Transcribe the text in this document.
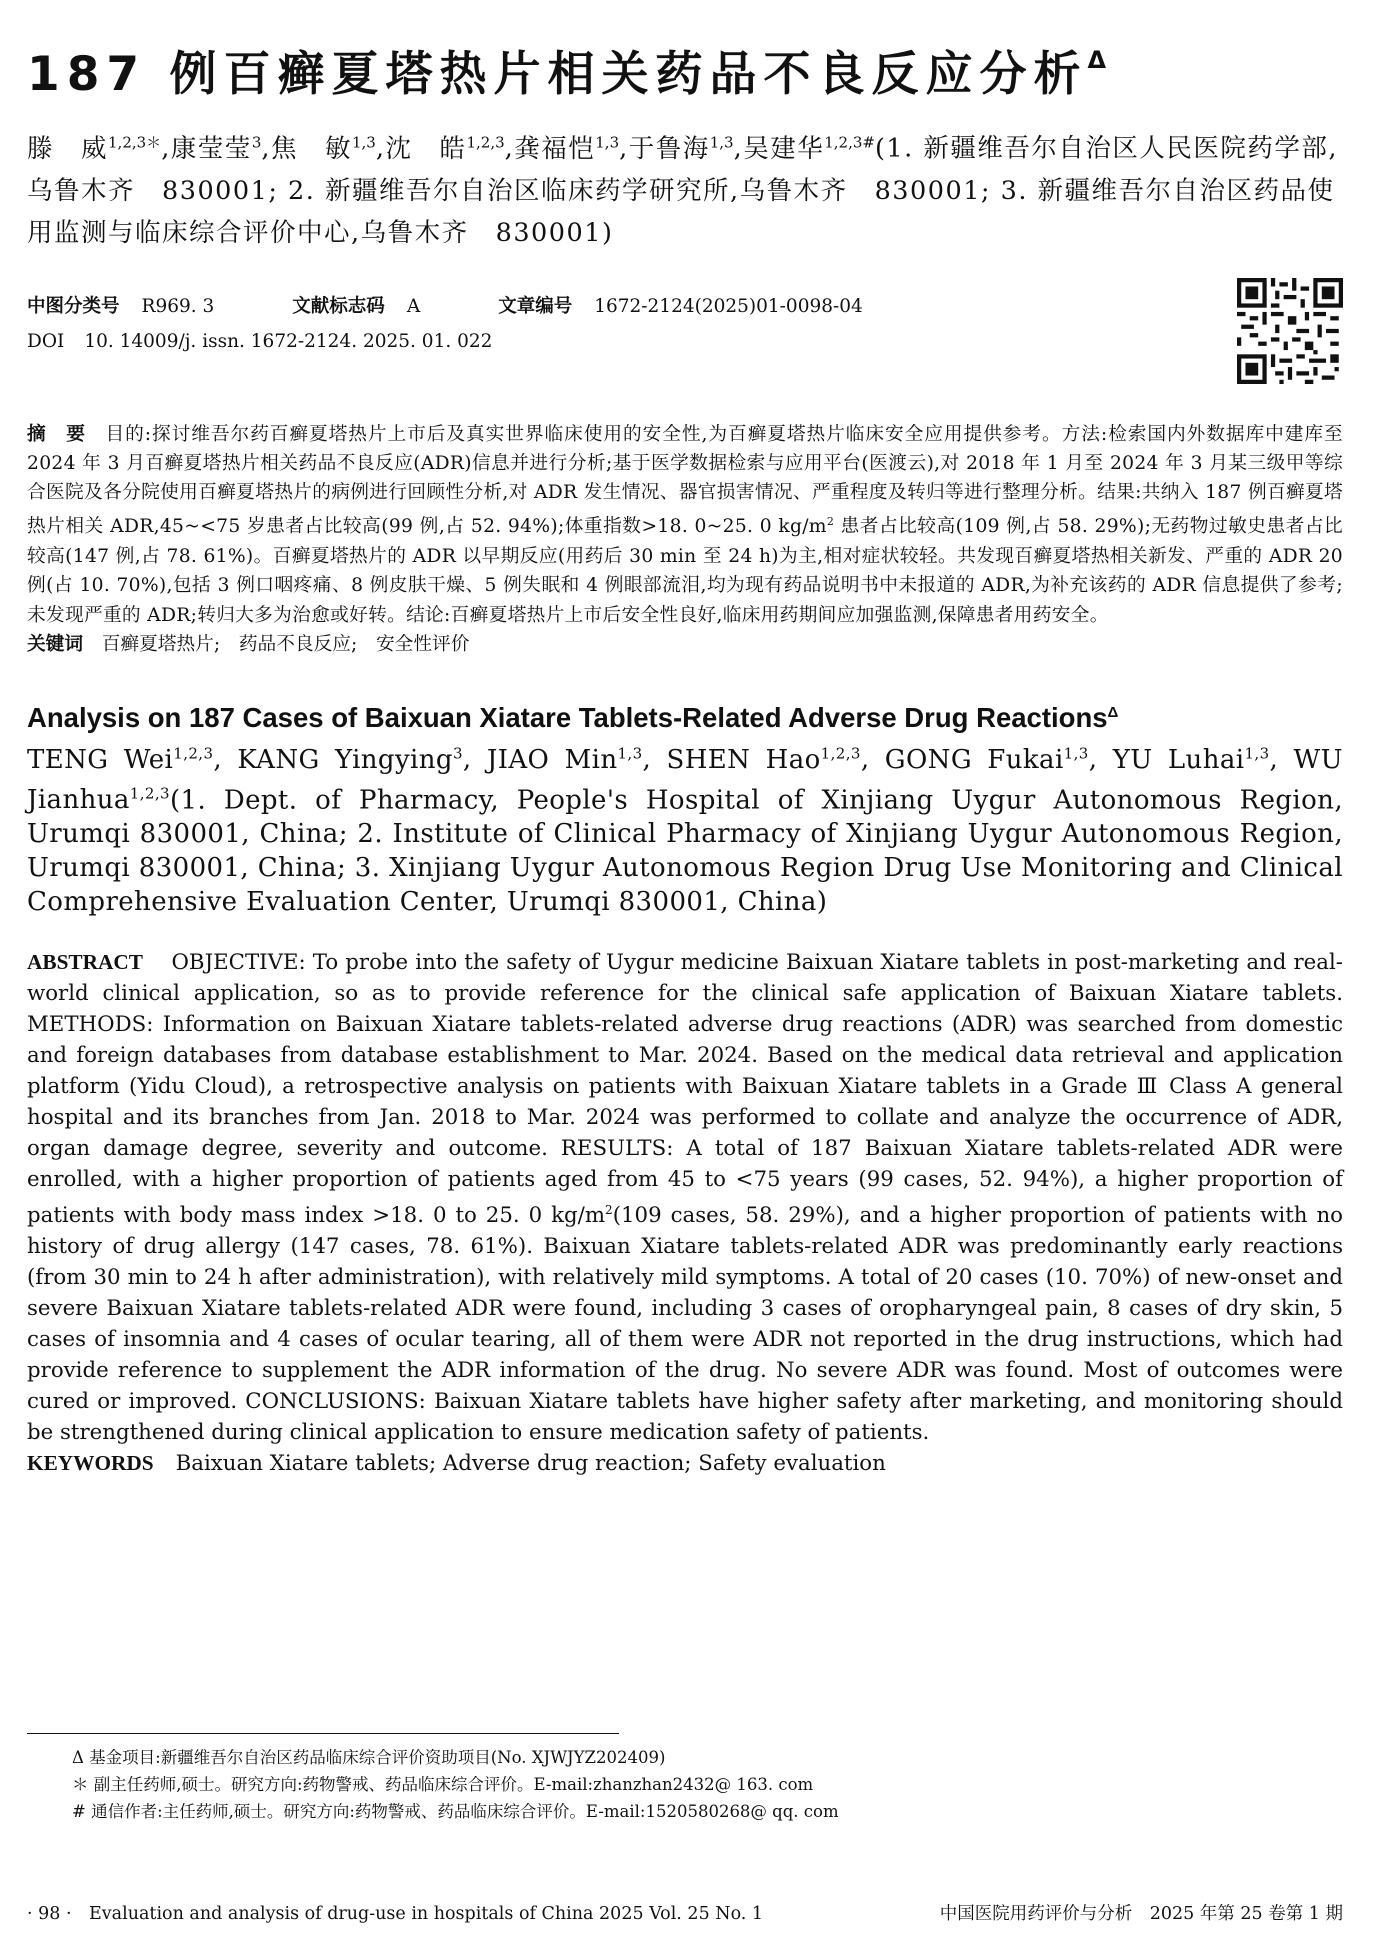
187 例百癣夏塔热片相关药品不良反应分析$^\Delta$
滕　威$^{1,2,3*}$,康莹莹$^3$,焦　敏$^{1,3}$,沈　皓$^{1,2,3}$,龚福恺$^{1,3}$,于鲁海$^{1,3}$,吴建华$^{1,2,3\#}$(1. 新疆维吾尔自治区人民医院药学部,乌鲁木齐　830001; 2. 新疆维吾尔自治区临床药学研究所,乌鲁木齐　830001; 3. 新疆维吾尔自治区药品使用监测与临床综合评价中心,乌鲁木齐　830001)
中图分类号 R969. 3	文献标志码 A	文章编号 1672-2124(2025)01-0098-04
DOI 10. 14009/j. issn. 1672-2124. 2025. 01. 022
摘　要　 目的:探讨维吾尔药百癣夏塔热片上市后及真实世界临床使用的安全性,为百癣夏塔热片临床安全应用提供参考。方法:检索国内外数据库中建库至 2024 年 3 月百癣夏塔热片相关药品不良反应(ADR)信息并进行分析;基于医学数据检索与应用平台(医渡云),对 2018 年 1 月至 2024 年 3 月某三级甲等综合医院及各分院使用百癣夏塔热片的病例进行回顾性分析,对 ADR 发生情况、器官损害情况、严重程度及转归等进行整理分析。结果:共纳入 187 例百癣夏塔热片相关 ADR,45~<75 岁患者占比较高(99 例,占 52. 94%);体重指数>18. 0~25. 0 $kg/m^2$ 患者占比较高(109 例,占 58. 29%);无药物过敏史患者占比较高(147 例,占 78. 61%)。百癣夏塔热片的 ADR 以早期反应(用药后 30 min 至 24 h)为主,相对症状较轻。共发现百癣夏塔热相关新发、严重的 ADR 20 例(占 10. 70%),包括 3 例口咽疼痛、8 例皮肤干燥、5 例失眠和 4 例眼部流泪,均为现有药品说明书中未报道的 ADR,为补充该药的 ADR 信息提供了参考;未发现严重的 ADR;转归大多为治愈或好转。结论:百癣夏塔热片上市后安全性良好,临床用药期间应加强监测,保障患者用药安全。
关键词　 百癣夏塔热片;　药品不良反应;　安全性评价
Analysis on 187 Cases of Baixuan Xiatare Tablets-Related Adverse Drug Reactions$^\Delta$
TENG Wei$^{1,2,3}$, KANG Yingying$^3$, JIAO Min$^{1,3}$, SHEN Hao$^{1,2,3}$, GONG Fukai$^{1,3}$, YU Luhai$^{1,3}$, WU Jianhua$^{1,2,3}$(1. Dept. of Pharmacy, People's Hospital of Xinjiang Uygur Autonomous Region, Urumqi 830001, China; 2. Institute of Clinical Pharmacy of Xinjiang Uygur Autonomous Region, Urumqi 830001, China; 3. Xinjiang Uygur Autonomous Region Drug Use Monitoring and Clinical Comprehensive Evaluation Center, Urumqi 830001, China)
ABSTRACT OBJECTIVE: To probe into the safety of Uygur medicine Baixuan Xiatare tablets in post-marketing and real-world clinical application, so as to provide reference for the clinical safe application of Baixuan Xiatare tablets. METHODS: Information on Baixuan Xiatare tablets-related adverse drug reactions (ADR) was searched from domestic and foreign databases from database establishment to Mar. 2024. Based on the medical data retrieval and application platform (Yidu Cloud), a retrospective analysis on patients with Baixuan Xiatare tablets in a Grade Ⅲ Class A general hospital and its branches from Jan. 2018 to Mar. 2024 was performed to collate and analyze the occurrence of ADR, organ damage degree, severity and outcome. RESULTS: A total of 187 Baixuan Xiatare tablets-related ADR were enrolled, with a higher proportion of patients aged from 45 to <75 years (99 cases, 52. 94%), a higher proportion of patients with body mass index >18. 0 to 25. 0 $kg/m^2(109$ cases, 58. 29%), and a higher proportion of patients with no history of drug allergy (147 cases, 78. 61%). Baixuan Xiatare tablets-related ADR was predominantly early reactions (from 30 min to 24 h after administration), with relatively mild symptoms. A total of 20 cases (10. 70%) of new-onset and severe Baixuan Xiatare tablets-related ADR were found, including 3 cases of oropharyngeal pain, 8 cases of dry skin, 5 cases of insomnia and 4 cases of ocular tearing, all of them were ADR not reported in the drug instructions, which had provide reference to supplement the ADR information of the drug. No severe ADR was found. Most of outcomes were cured or improved. CONCLUSIONS: Baixuan Xiatare tablets have higher safety after marketing, and monitoring should be strengthened during clinical application to ensure medication safety of patients.
KEYWORDS Baixuan Xiatare tablets; Adverse drug reaction; Safety evaluation
Δ 基金项目:新疆维吾尔自治区药品临床综合评价资助项目(No. XJWJYZ202409)
＊ 副主任药师,硕士。研究方向:药物警戒、药品临床综合评价。E-mail:zhanzhan2432@ 163. com
# 通信作者:主任药师,硕士。研究方向:药物警戒、药品临床综合评价。E-mail:1520580268@ qq. com
· 98 ·　Evaluation and analysis of drug-use in hospitals of China 2025 Vol. 25 No. 1	中国医院用药评价与分析　2025 年第 25 卷第 1 期
